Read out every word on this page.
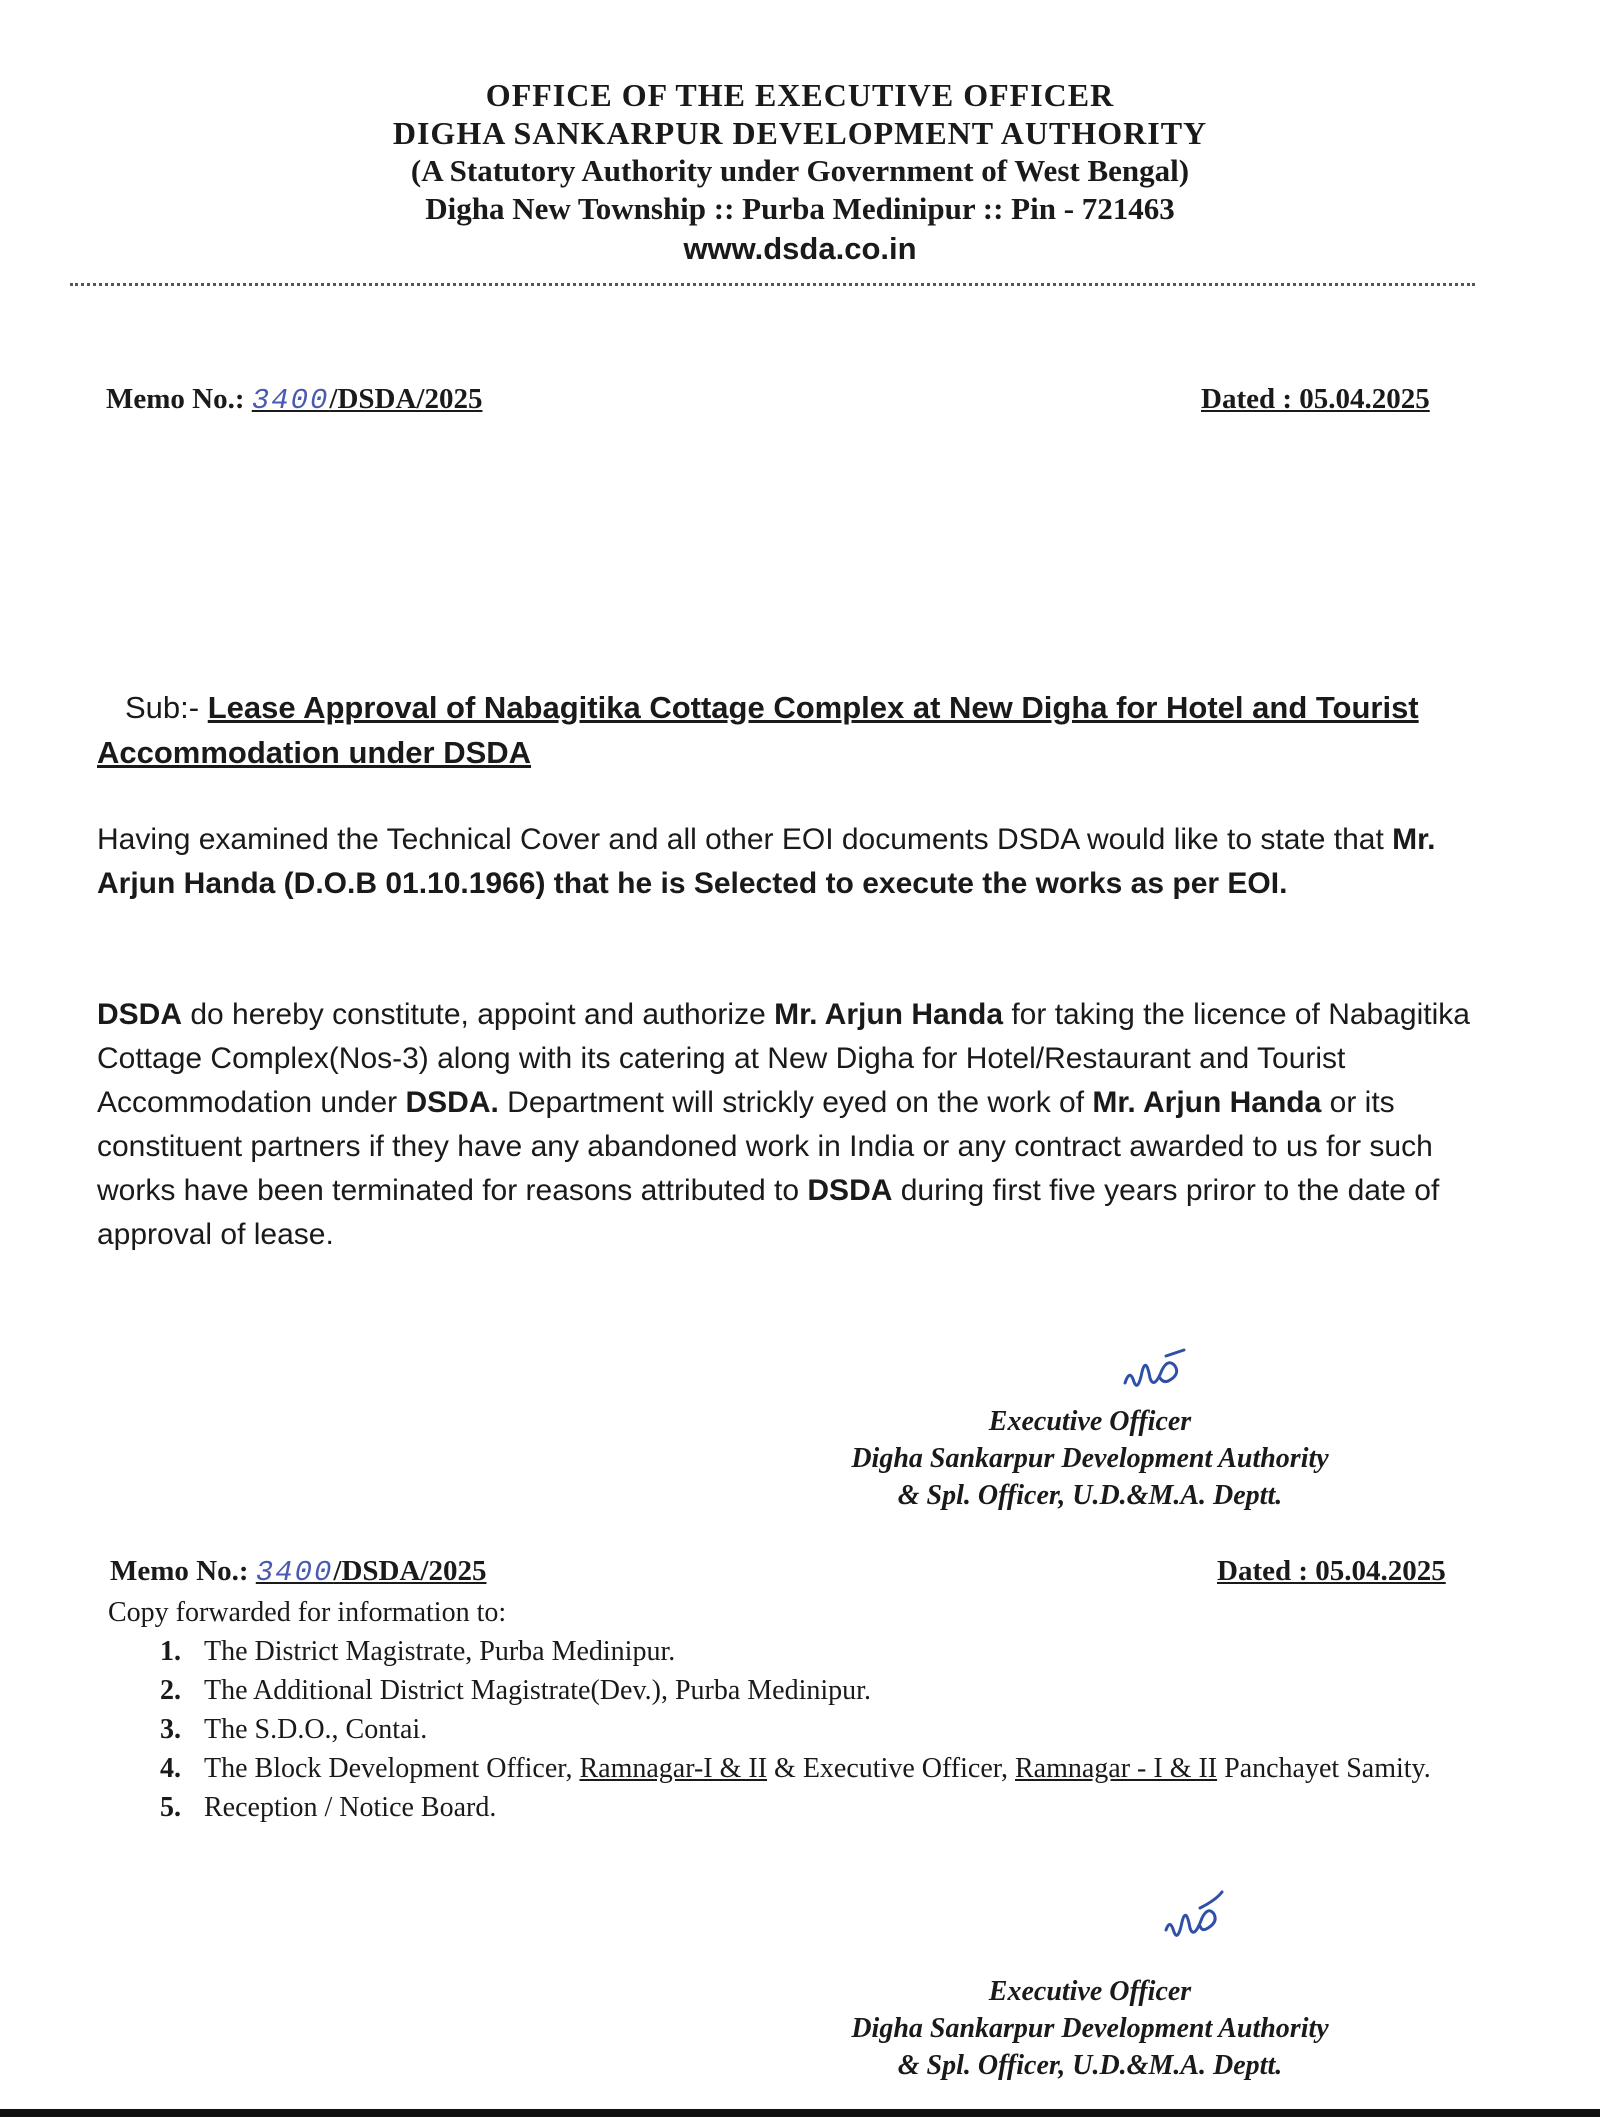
OFFICE OF THE EXECUTIVE OFFICER
DIGHA SANKARPUR DEVELOPMENT AUTHORITY
(A Statutory Authority under Government of West Bengal)
Digha New Township :: Purba Medinipur :: Pin - 721463
www.dsda.co.in
Memo No.: 3400/DSDA/2025	Dated : 05.04.2025
Sub:- Lease Approval of Nabagitika Cottage Complex at New Digha for Hotel and Tourist Accommodation under DSDA
Having examined the Technical Cover and all other EOI documents DSDA would like to state that Mr. Arjun Handa (D.O.B 01.10.1966) that he is Selected to execute the works as per EOI.
DSDA do hereby constitute, appoint and authorize Mr. Arjun Handa for taking the licence of Nabagitika Cottage Complex(Nos-3) along with its catering at New Digha for Hotel/Restaurant and Tourist Accommodation under DSDA. Department will strickly eyed on the work of Mr. Arjun Handa or its constituent partners if they have any abandoned work in India or any contract awarded to us for such works have been terminated for reasons attributed to DSDA during first five years priror to the date of approval of lease.
Executive Officer
Digha Sankarpur Development Authority
& Spl. Officer, U.D.&M.A. Deptt.
Memo No.: 3400/DSDA/2025	Dated : 05.04.2025
Copy forwarded for information to:
1. The District Magistrate, Purba Medinipur.
2. The Additional District Magistrate(Dev.), Purba Medinipur.
3. The S.D.O., Contai.
4. The Block Development Officer, Ramnagar-I & II & Executive Officer, Ramnagar - I & II Panchayet Samity.
5. Reception / Notice Board.
Executive Officer
Digha Sankarpur Development Authority
& Spl. Officer, U.D.&M.A. Deptt.
